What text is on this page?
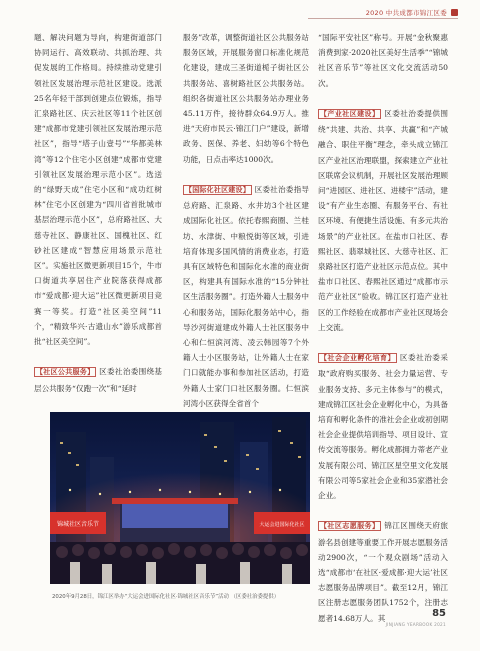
2020 中共成都市锦江区委

题、解决问题为导向，构建街道部门协同运行、高效联动、共抓治理、共促发展的工作格局。持续推动党建引领社区发展治理示范社区建设。选派25名年轻干部到创建点位锻炼，指导汇泉路社区、庆云社区等11个社区创建“成都市党建引领社区发展治理示范社区”，指导“塔子山壹号”“华都美林湾”等12个住宅小区创建“成都市党建引领社区发展治理示范小区”。选送的“绿野天成”住宅小区和“成功红树林”住宅小区创建为“四川省首批城市基层治理示范小区”，总府路社区、大慈寺社区、静康社区、国槐社区、红砂社区建成“智慧应用场景示范社区”。实施社区微更新项目15个，牛市口街道共享居住产业院落获得成都市“爱成都·迎大运”社区微更新项目竞赛一等奖。打造“社区美空间”11个，“精致华兴·古遗山水”游乐成都首批“社区美空间”。

【社区公共服务】 区委社治委围绕基层公共服务“仅跑一次”和“延时

服务”改革，调整街道社区公共服务站服务区域，开展服务窗口标准化规范化建设，建成三圣街道栀子街社区公共服务站、喜树路社区公共服务站。组织各街道社区公共服务站办理业务45.11万件，接待群众64.9万人。推进“天府市民云·锦江门户”建设，新增政务、医保、养老、妇幼等6个特色功能，日点击率达1000次。

【国际化社区建设】 区委社治委指导总府路、汇泉路、水井坊3个社区建成国际化社区。依托春熙商圈、兰桂坊、水津街、中粮悦街等区域，引进培育体现多国风情的消费业态，打造具有区域特色和国际化水准的商业街区，构建具有国际水准的“15分钟社区生活服务圈”。打造外籍人士服务中心和服务站，国际化服务站中心，指导沙河街道建成外籍人士社区服务中心和仁恒滨河湾、凌云韩园等7个外籍人士小区服务站，让外籍人士在家门口就能办事和参加社区活动，打造外籍人士家门口社区服务圈。仁恒滨河湾小区获得全省首个

“国际平安社区”称号。开展“金秋聚惠 消费到家·2020社区美好生活季”“锦城社区音乐节”等社区文化交流活动50次。

【产业社区建设】 区委社治委提供围绕“共建、共治、共享、共赢”和“产城融合、职住平衡”理念，牵头成立锦江区产业社区治理联盟，探索建立产业社区联席会议机制，开展社区发展治理顾问“进园区、进社区、进楼宇”活动，建设“有产业生态圈、有服务平台、有社区环境、有便捷生活设施、有多元共治场景”的产业社区。在盐市口社区、春熙社区、翡翠城社区、大慈寺社区、汇泉路社区打造产业社区示范点位。其中盐市口社区、春熙社区通过“成都市示范产业社区”验收。锦江区打造产业社区的工作经验在成都市产业社区现场会上交流。

【社会企业孵化培育】 区委社治委采取“政府购买服务、社会力量运营、专业服务支持、多元主体参与”的模式，建成锦江区社会企业孵化中心，为具备培育和孵化条件的准社会企业或初创期社会企业提供培训指导、项目设计、宣传交流等服务。孵化成都拥力蒂老产业发展有限公司、锦江区星空里文化发展有限公司等5家社会企业和35家潜社会企业。

【社区志愿服务】 锦江区围绕天府旅游名县创建等重要工作开展志愿服务活动2900次，“一个观众剧场”活动入选“成都市‘在社区·爱成都·迎大运’社区志愿服务品牌项目”。截至12月，锦江区注册志愿服务团队1752个，注册志愿者14.68万人。其

锦城社区音乐节	大运会进国际化社区
2020年9月28日，锦江区举办“大运会进国际化社区·锦城社区音乐节”活动 （区委社治委提供）
85
JINJIANG YEARBOOK 2021
